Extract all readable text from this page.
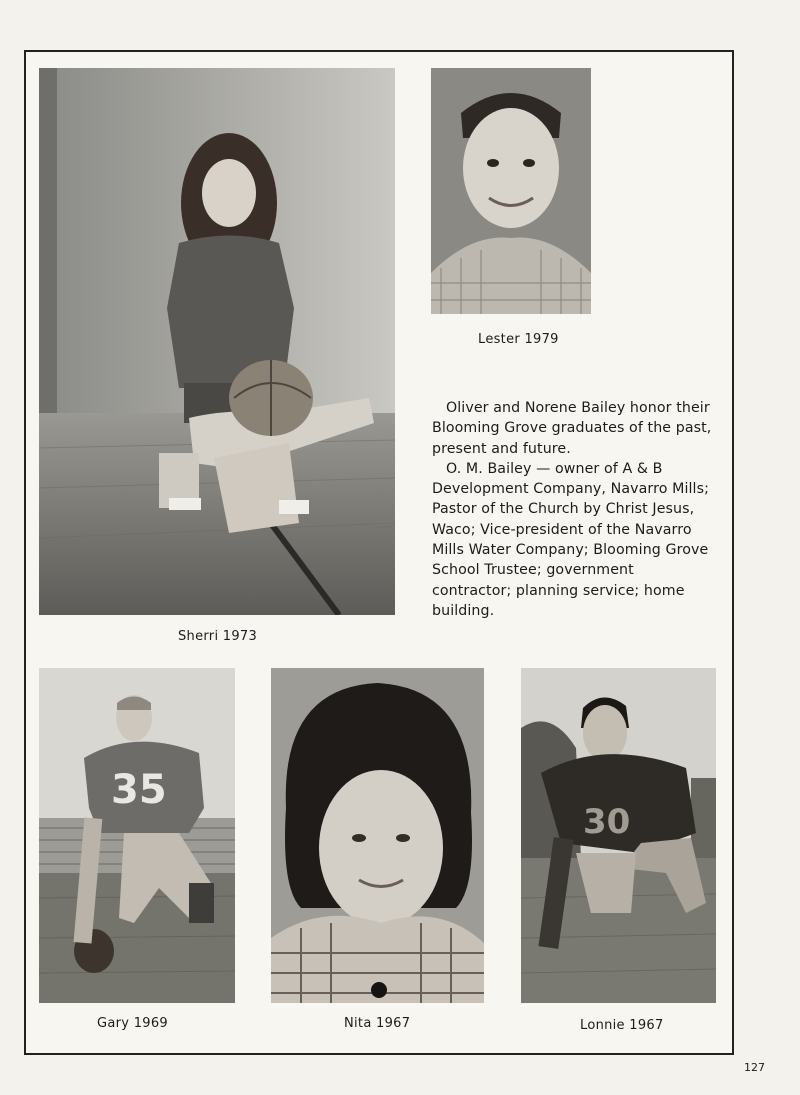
Sherri 1973
Lester 1979

Oliver and Norene Bailey honor their Blooming Grove graduates of the past, present and future.

O. M. Bailey — owner of A & B Development Company, Navarro Mills; Pastor of the Church by Christ Jesus, Waco; Vice-president of the Navarro Mills Water Company; Blooming Grove School Trustee; government contractor; planning service; home building.

35
Gary 1969	Nita 1967
30
Lonnie 1967
127
